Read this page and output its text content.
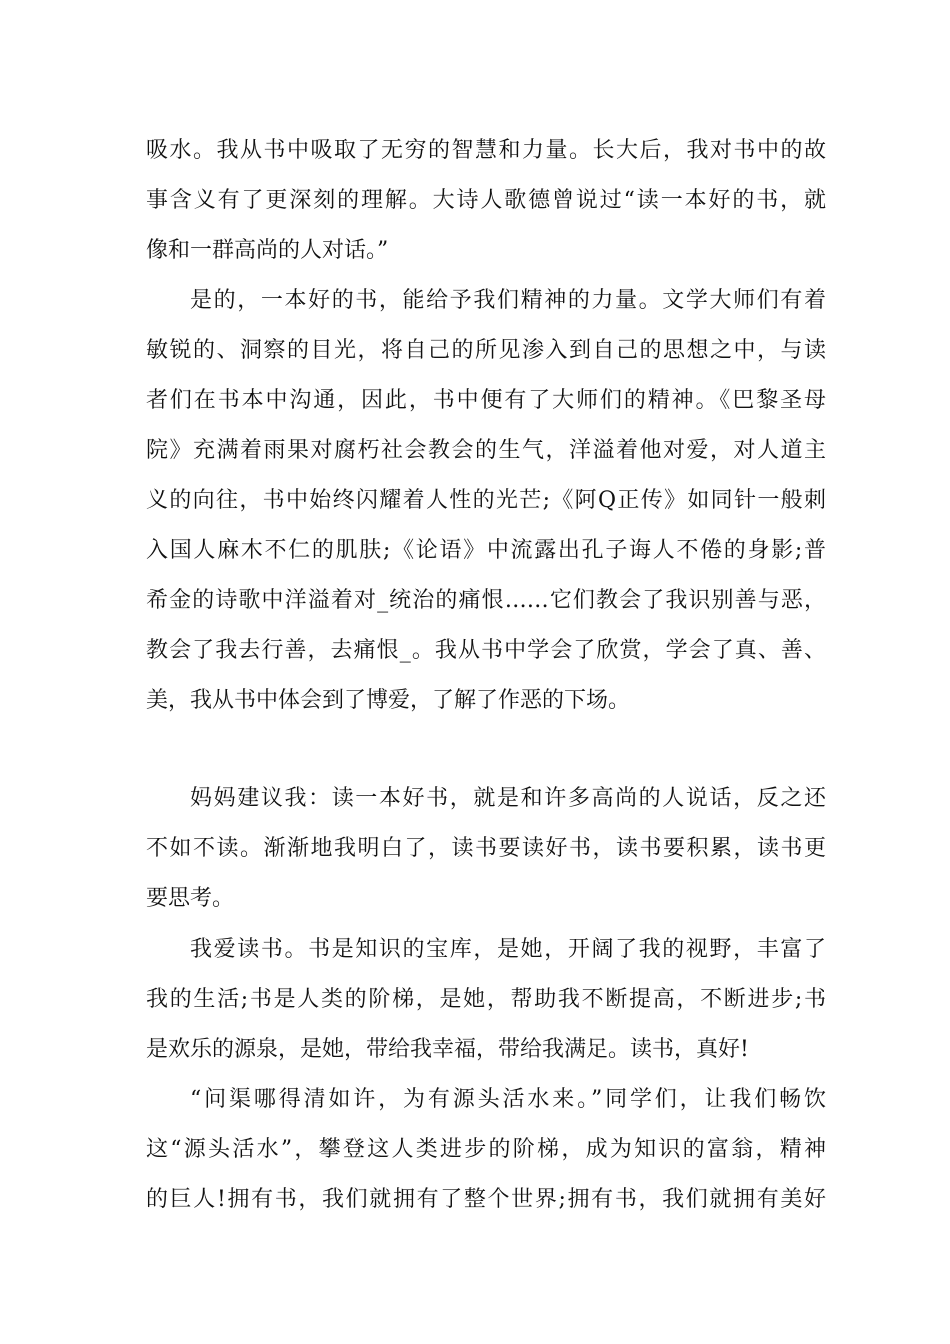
吸水。我从书中吸取了无穷的智慧和力量。长大后，我对书中的故
事含义有了更深刻的理解。大诗人歌德曾说过“读一本好的书，就
像和一群高尚的人对话。”
是的，一本好的书，能给予我们精神的力量。文学大师们有着
敏锐的、洞察的目光，将自己的所见渗入到自己的思想之中，与读
者们在书本中沟通，因此，书中便有了大师们的精神。《巴黎圣母
院》充满着雨果对腐朽社会教会的生气，洋溢着他对爱，对人道主
义的向往，书中始终闪耀着人性的光芒;《阿Q正传》如同针一般刺
入国人麻木不仁的肌肤;《论语》中流露出孔子诲人不倦的身影;普
希金的诗歌中洋溢着对_统治的痛恨……它们教会了我识别善与恶，
教会了我去行善，去痛恨_。我从书中学会了欣赏，学会了真、善、
美，我从书中体会到了博爱，了解了作恶的下场。
妈妈建议我：读一本好书，就是和许多高尚的人说话，反之还
不如不读。渐渐地我明白了，读书要读好书，读书要积累，读书更
要思考。
我爱读书。书是知识的宝库，是她，开阔了我的视野，丰富了
我的生活;书是人类的阶梯，是她，帮助我不断提高，不断进步;书
是欢乐的源泉，是她，带给我幸福，带给我满足。读书，真好!
“问渠哪得清如许，为有源头活水来。”同学们，让我们畅饮
这“源头活水”，攀登这人类进步的阶梯，成为知识的富翁，精神
的巨人!拥有书，我们就拥有了整个世界;拥有书，我们就拥有美好
